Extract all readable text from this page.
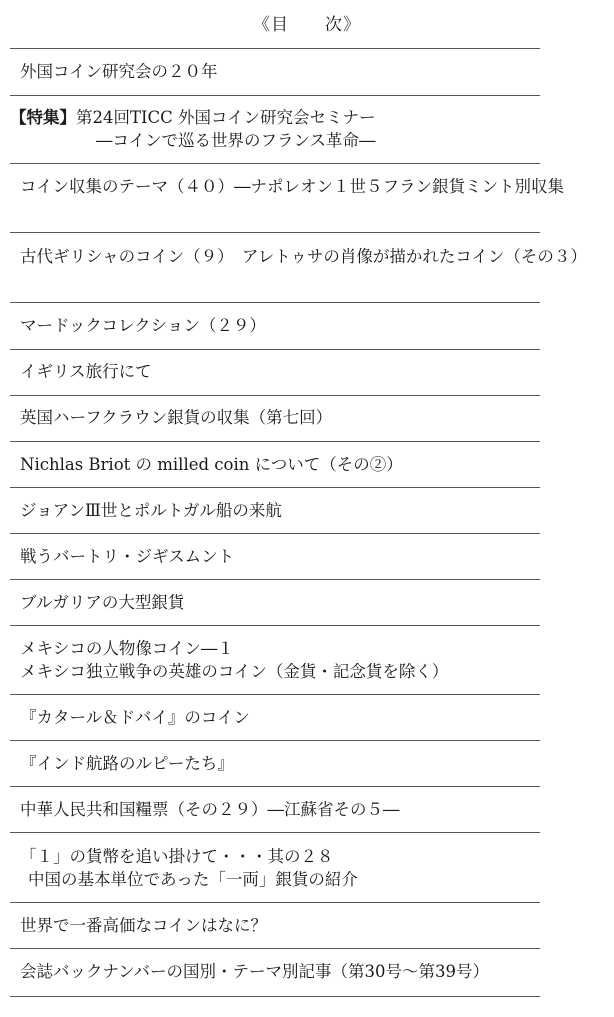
《目　　次》
外国コイン研究会の２０年
【特集】第24回TICC 外国コイン研究会セミナー
―コインで巡る世界のフランス革命―
コイン収集のテーマ（４０）―ナポレオン１世５フラン銀貨ミント別収集
古代ギリシャのコイン（９）　アレトゥサの肖像が描かれたコイン（その３）
マードックコレクション（２９）
イギリス旅行にて
英国ハーフクラウン銀貨の収集（第七回）
Nichlas Briot の milled coin について（その②）
ジョアンⅢ世とポルトガル船の来航
戦うバートリ・ジギスムント
ブルガリアの大型銀貨
メキシコの人物像コイン―１
メキシコ独立戦争の英雄のコイン（金貨・記念貨を除く）
『カタール＆ドバイ』のコイン
『インド航路のルピーたち』
中華人民共和国糧票（その２９）―江蘇省その５―
「１」の貨幣を追い掛けて・・・其の２８
中国の基本単位であった「一両」銀貨の紹介
世界で一番高価なコインはなに？
会誌バックナンバーの国別・テーマ別記事（第30号～第39号）
